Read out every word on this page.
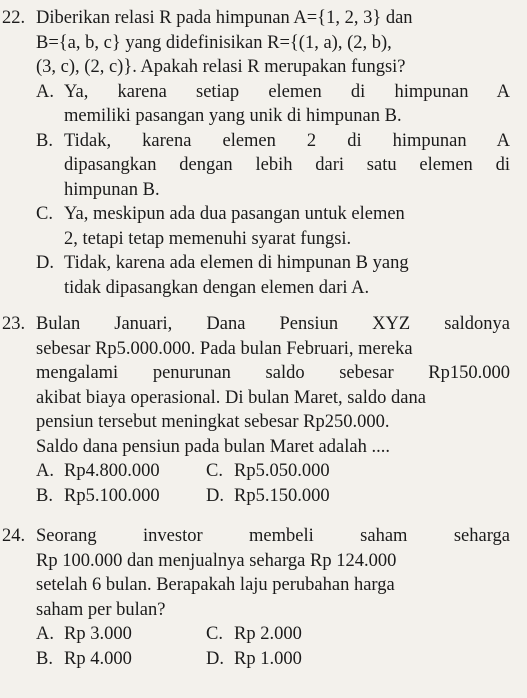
22. Diberikan relasi R pada himpunan A={1, 2, 3} dan
B={a, b, c} yang didefinisikan R={(1, a), (2, b),
(3, c), (2, c)}. Apakah relasi R merupakan fungsi?
A. Ya, karena setiap elemen di himpunan A
memiliki pasangan yang unik di himpunan B.
B. Tidak, karena elemen 2 di himpunan A
dipasangkan dengan lebih dari satu elemen di
himpunan B.
C. Ya, meskipun ada dua pasangan untuk elemen
2, tetapi tetap memenuhi syarat fungsi.
D. Tidak, karena ada elemen di himpunan B yang
tidak dipasangkan dengan elemen dari A.
23. Bulan Januari, Dana Pensiun XYZ saldonya
sebesar Rp5.000.000. Pada bulan Februari, mereka
mengalami penurunan saldo sebesar Rp150.000
akibat biaya operasional. Di bulan Maret, saldo dana
pensiun tersebut meningkat sebesar Rp250.000.
Saldo dana pensiun pada bulan Maret adalah ....
A. Rp4.800.000	C. Rp5.050.000
B. Rp5.100.000	D. Rp5.150.000
24. Seorang investor membeli saham seharga
Rp 100.000 dan menjualnya seharga Rp 124.000
setelah 6 bulan. Berapakah laju perubahan harga
saham per bulan?
A. Rp 3.000	C. Rp 2.000
B. Rp 4.000	D. Rp 1.000
